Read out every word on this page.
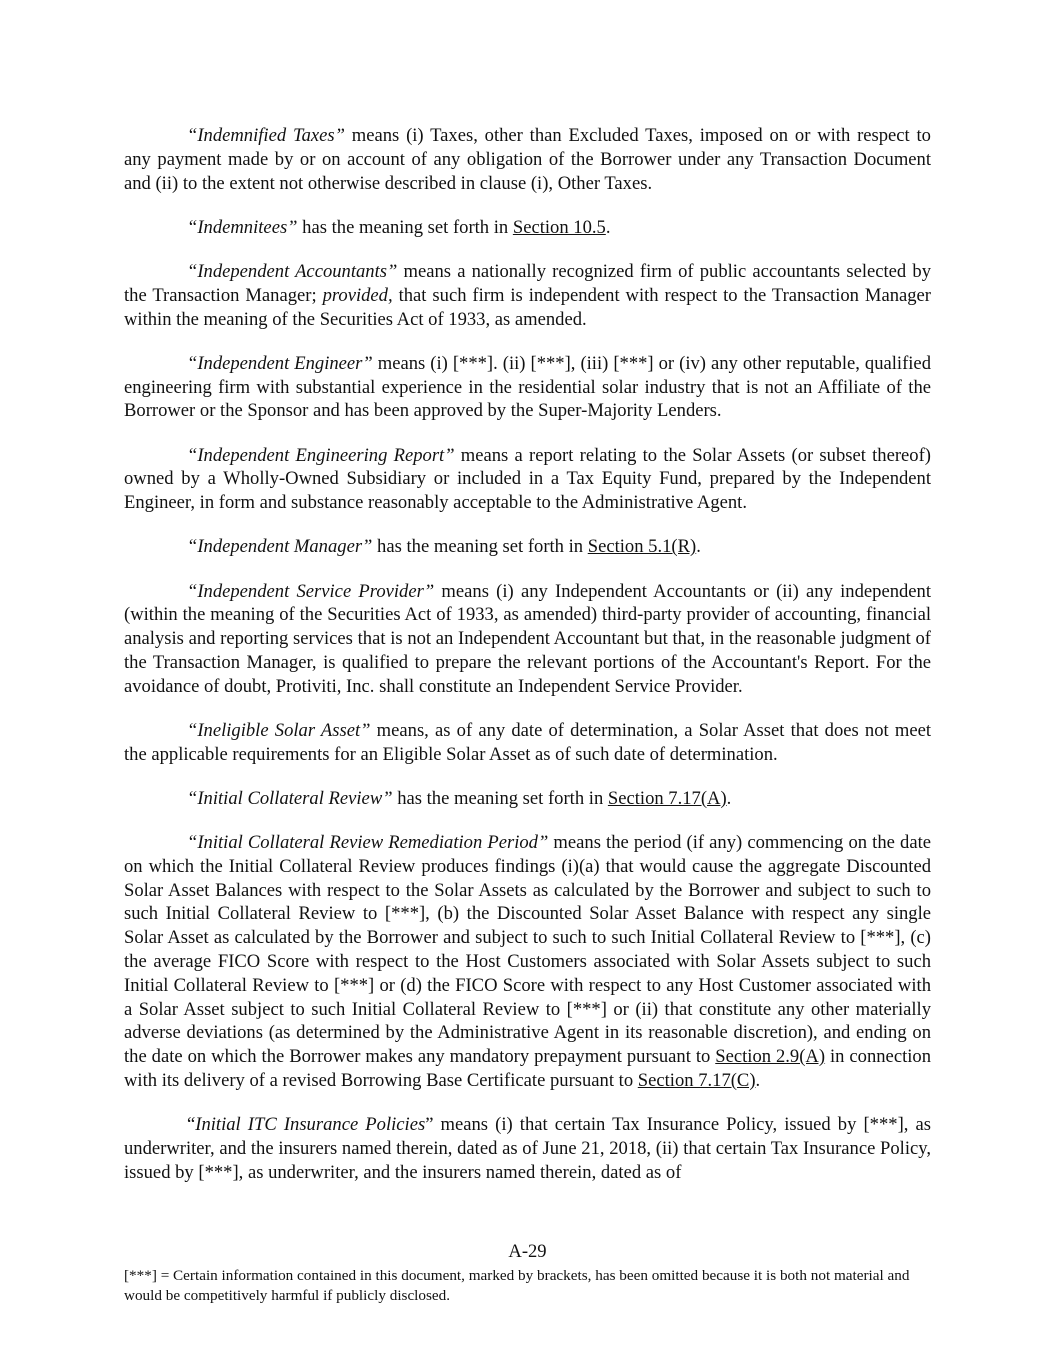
“Indemnified Taxes” means (i) Taxes, other than Excluded Taxes, imposed on or with respect to any payment made by or on account of any obligation of the Borrower under any Transaction Document and (ii) to the extent not otherwise described in clause (i), Other Taxes.

“Indemnitees” has the meaning set forth in Section 10.5.

“Independent Accountants” means a nationally recognized firm of public accountants selected by the Transaction Manager; provided, that such firm is independent with respect to the Transaction Manager within the meaning of the Securities Act of 1933, as amended.

“Independent Engineer” means (i) [***]. (ii) [***], (iii) [***] or (iv) any other reputable, qualified engineering firm with substantial experience in the residential solar industry that is not an Affiliate of the Borrower or the Sponsor and has been approved by the Super-Majority Lenders.

“Independent Engineering Report” means a report relating to the Solar Assets (or subset thereof) owned by a Wholly-Owned Subsidiary or included in a Tax Equity Fund, prepared by the Independent Engineer, in form and substance reasonably acceptable to the Administrative Agent.

“Independent Manager” has the meaning set forth in Section 5.1(R).

“Independent Service Provider” means (i) any Independent Accountants or (ii) any independent (within the meaning of the Securities Act of 1933, as amended) third-party provider of accounting, financial analysis and reporting services that is not an Independent Accountant but that, in the reasonable judgment of the Transaction Manager, is qualified to prepare the relevant portions of the Accountant's Report. For the avoidance of doubt, Protiviti, Inc. shall constitute an Independent Service Provider.

“Ineligible Solar Asset” means, as of any date of determination, a Solar Asset that does not meet the applicable requirements for an Eligible Solar Asset as of such date of determination.

“Initial Collateral Review” has the meaning set forth in Section 7.17(A).

“Initial Collateral Review Remediation Period” means the period (if any) commencing on the date on which the Initial Collateral Review produces findings (i)(a) that would cause the aggregate Discounted Solar Asset Balances with respect to the Solar Assets as calculated by the Borrower and subject to such to such Initial Collateral Review to [***], (b) the Discounted Solar Asset Balance with respect any single Solar Asset as calculated by the Borrower and subject to such to such Initial Collateral Review to [***], (c) the average FICO Score with respect to the Host Customers associated with Solar Assets subject to such Initial Collateral Review to [***] or (d) the FICO Score with respect to any Host Customer associated with a Solar Asset subject to such Initial Collateral Review to [***] or (ii) that constitute any other materially adverse deviations (as determined by the Administrative Agent in its reasonable discretion), and ending on the date on which the Borrower makes any mandatory prepayment pursuant to Section 2.9(A) in connection with its delivery of a revised Borrowing Base Certificate pursuant to Section 7.17(C).

“Initial ITC Insurance Policies” means (i) that certain Tax Insurance Policy, issued by [***], as underwriter, and the insurers named therein, dated as of June 21, 2018, (ii) that certain Tax Insurance Policy, issued by [***], as underwriter, and the insurers named therein, dated as of

A-29
[***] = Certain information contained in this document, marked by brackets, has been omitted because it is both not material and would be competitively harmful if publicly disclosed.
